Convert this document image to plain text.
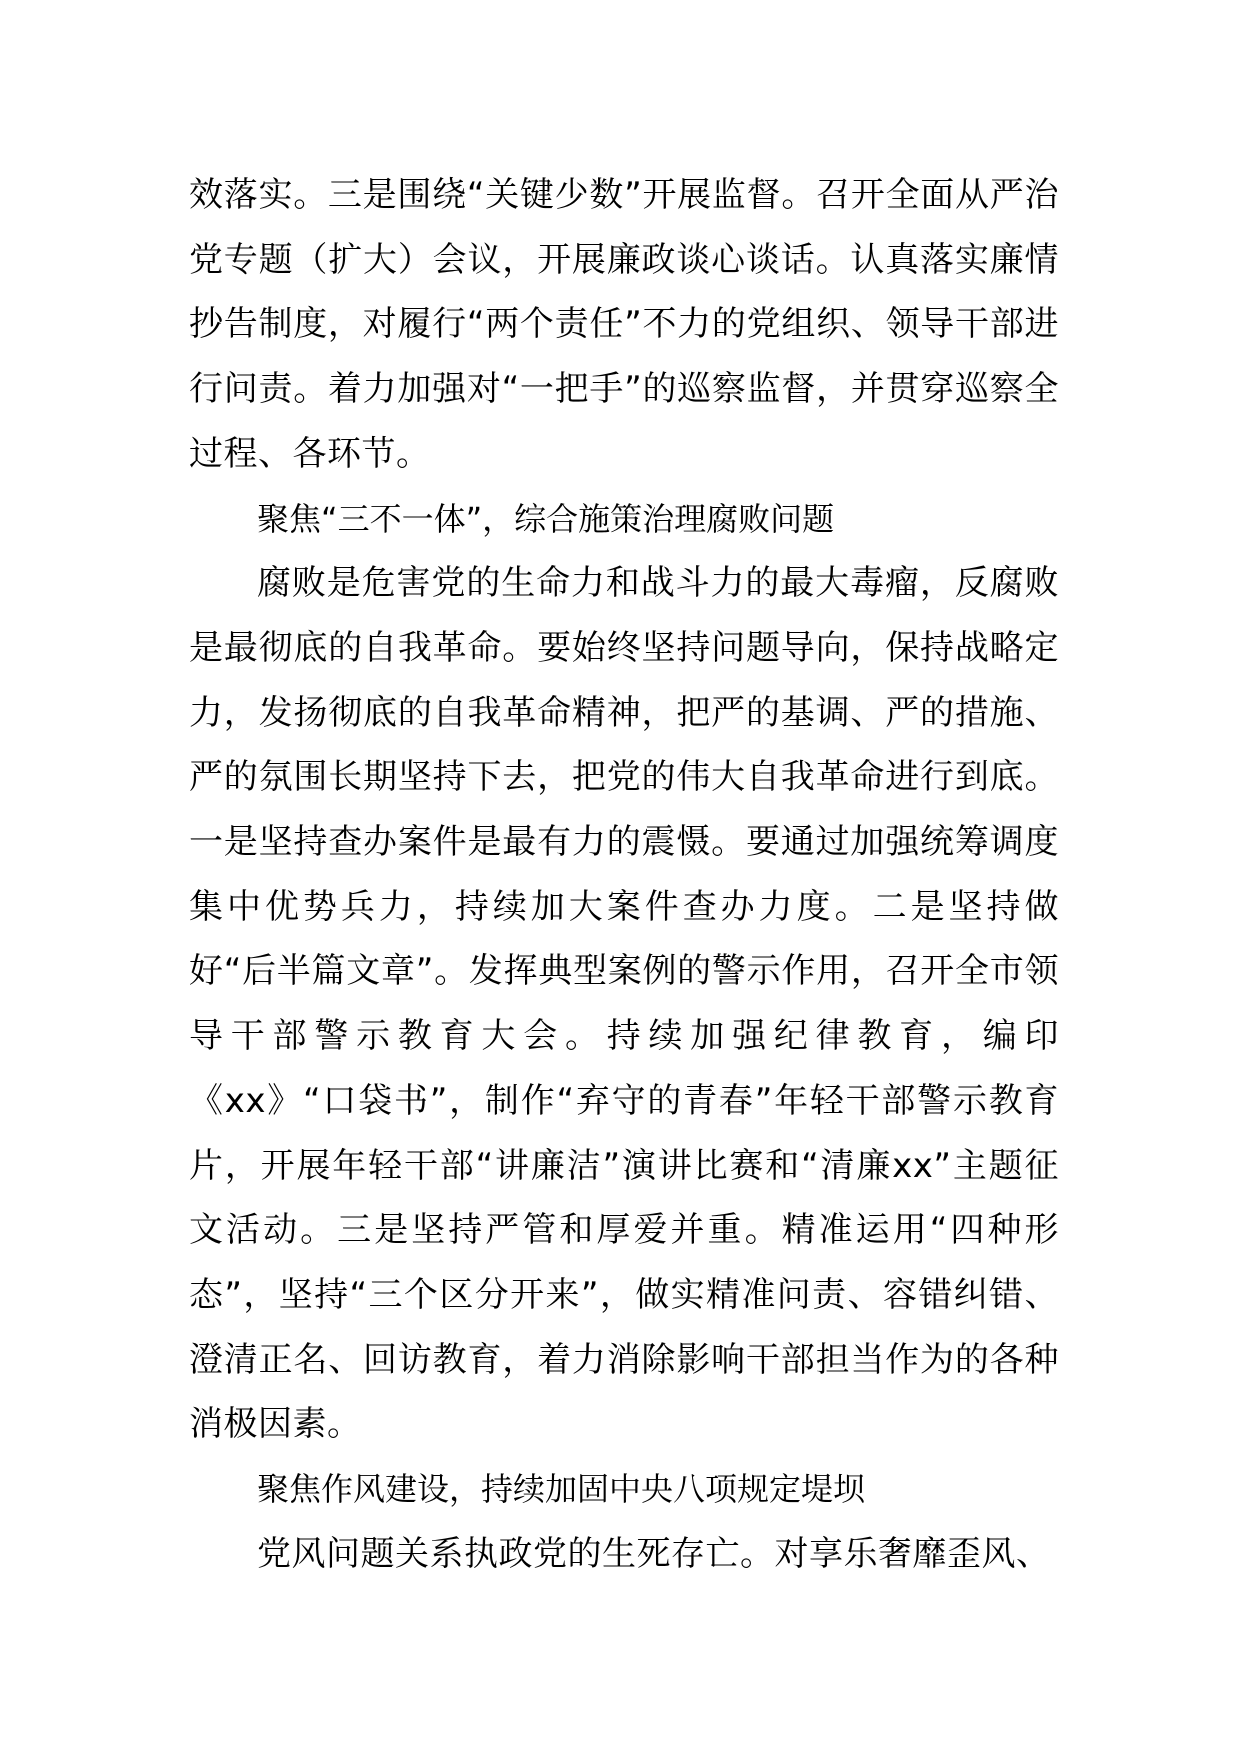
效落实。三是围绕“关键少数”开展监督。召开全面从严治党专题（扩大）会议，开展廉政谈心谈话。认真落实廉情抄告制度，对履行“两个责任”不力的党组织、领导干部进行问责。着力加强对“一把手”的巡察监督，并贯穿巡察全过程、各环节。

聚焦“三不一体”，综合施策治理腐败问题

腐败是危害党的生命力和战斗力的最大毒瘤，反腐败是最彻底的自我革命。要始终坚持问题导向，保持战略定力，发扬彻底的自我革命精神，把严的基调、严的措施、严的氛围长期坚持下去，把党的伟大自我革命进行到底。一是坚持查办案件是最有力的震慑。要通过加强统筹调度集中优势兵力，持续加大案件查办力度。二是坚持做好“后半篇文章”。发挥典型案例的警示作用，召开全市领导干部警示教育大会。持续加强纪律教育，编印《xx》“口袋书”，制作“弃守的青春”年轻干部警示教育片，开展年轻干部“讲廉洁”演讲比赛和“清廉xx”主题征文活动。三是坚持严管和厚爱并重。精准运用“四种形态”，坚持“三个区分开来”，做实精准问责、容错纠错、澄清正名、回访教育，着力消除影响干部担当作为的各种消极因素。

聚焦作风建设，持续加固中央八项规定堤坝

党风问题关系执政党的生死存亡。对享乐奢靡歪风、
